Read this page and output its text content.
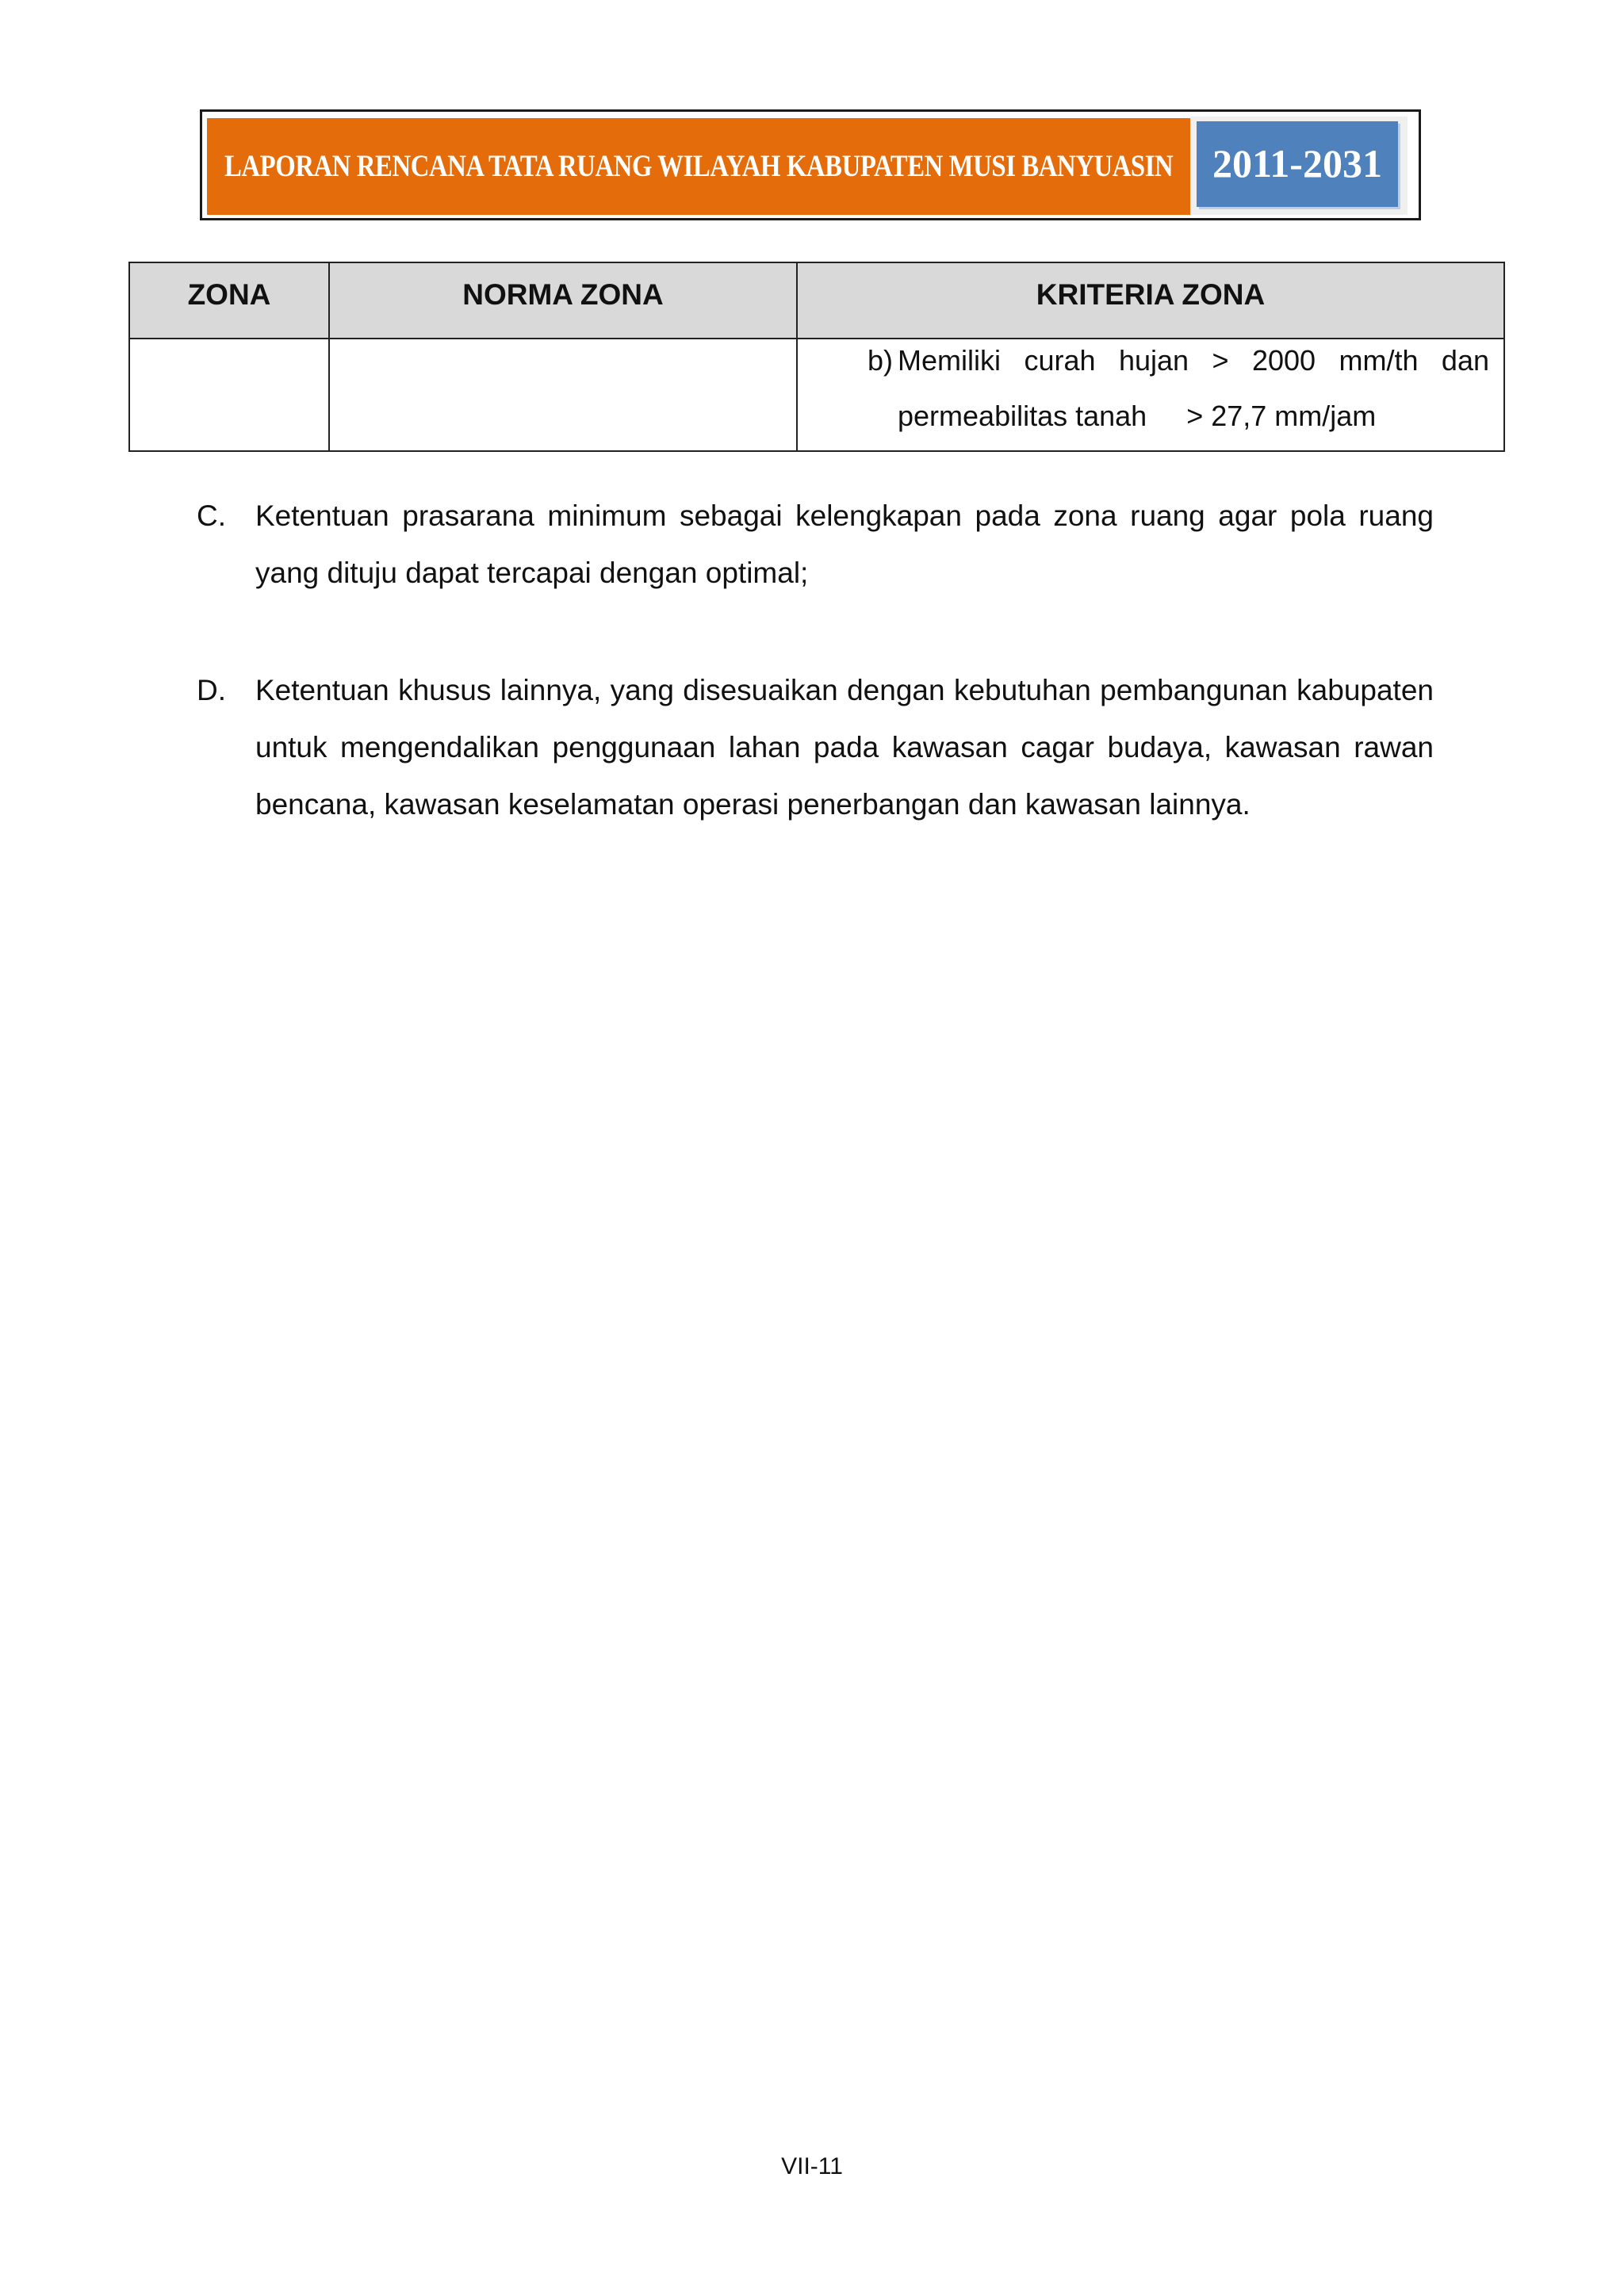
LAPORAN RENCANA TATA RUANG WILAYAH KABUPATEN MUSI BANYUASIN 2011-2031
ZONA	NORMA ZONA	KRITERIA ZONA

		b) Memiliki curah hujan > 2000 mm/th dan
permeabilitas tanah     > 27,7 mm/jam
C. Ketentuan prasarana minimum sebagai kelengkapan pada zona ruang agar pola ruang yang dituju dapat tercapai dengan optimal;
D. Ketentuan khusus lainnya, yang disesuaikan dengan kebutuhan pembangunan kabupaten untuk mengendalikan penggunaan lahan pada kawasan cagar budaya, kawasan rawan bencana, kawasan keselamatan operasi penerbangan dan kawasan lainnya.
VII-11
